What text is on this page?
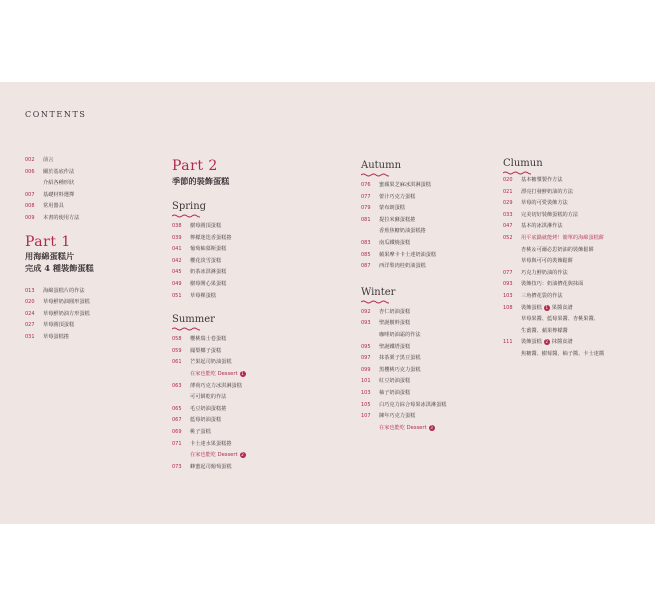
CONTENTS
002	前言
006	關於基底作法
介紹各種形狀
007	基礎材料選擇
008	常用器具
009	本書的使用方法
Part 1
用海綿蛋糕片
完成 4 種裝飾蛋糕
013	海綿蛋糕片的作法
020	草莓鮮奶油圓形蛋糕
024	草莓鮮奶油方形蛋糕
027	草莓圓頂蛋糕
031	草莓蛋糕捲
Part 2
季節的裝飾蛋糕
Spring
038	樹莓圓頂蛋糕
039	檸檬迷迭香蛋糕捲
041	葡萄柚慕斯蛋糕
042	櫻花淡雪蛋糕
045	奶茶冰淇淋蛋糕
049	樹莓開心果蛋糕
051	草莓裸蛋糕
Summer
058	櫻桃瑞士卷蛋糕
059	鳳梨椰子蛋糕
061	芒果起司奶油蛋糕
在家也能吃 Dessert 1
063	薄荷巧克力冰淇淋蛋糕
可可餅乾的作法
065	毛豆奶油蛋糕捲
067	藍莓奶油蛋糕
069	桃子蛋糕
071	卡士達水果蛋糕捲
在家也能吃 Dessert 2
073	蜂蜜起司葡萄蛋糕
Autumn
076	蜜蘋果芝麻冰淇淋蛋糕
077	蕾汁巧克力蛋糕
079	蒙布朗蛋糕
081	提拉米蘇蛋糕捲
香蕉焦糖奶油蛋糕捲
083	南瓜鐵燒蛋糕
085	蘋果摩卡卡士達奶油蛋糕
087	西洋梨肉桂奶油蛋糕
Winter
092	杏仁奶油蛋糕
093	聖誕樹幹蛋糕
咖啡奶油霜的作法
095	聖誕鐵塔蛋糕
097	抹茶栗子黑豆蛋糕
099	黑櫻桃巧克力蛋糕
101	紅豆奶油蛋糕
103	柚子奶油蛋糕
105	白巧克力綜合莓果冰淇淋蛋糕
107	陳年巧克力蛋糕
在家也能吃 Dessert 3
Clumun
020	基本糖漿製作方法
021	漂亮打發鮮奶油的方法
029	草莓的可愛裝飾方法
033	完美切好裝飾蛋糕的方法
047	基本的冰淇淋作法
052	用平底鍋就能烤！簡單的海綿蛋糕餅
杏桃＆可爾必思奶油的裝飾鬆餅
草莓與可可的裝飾鬆餅
077	巧克力鮮奶油的作法
093	裝飾技巧：奶油擠花與抹面
103	三角擠花袋的作法
108	裝飾蛋糕 1 果醬食譜
草莓果醬、藍莓果醬、杏桃果醬、
生薑醬、蘋果檸檬醬
111	裝飾蛋糕 2 抹醬食譜
焦糖醬、樹莓醬、柚子醬、卡士達醬
